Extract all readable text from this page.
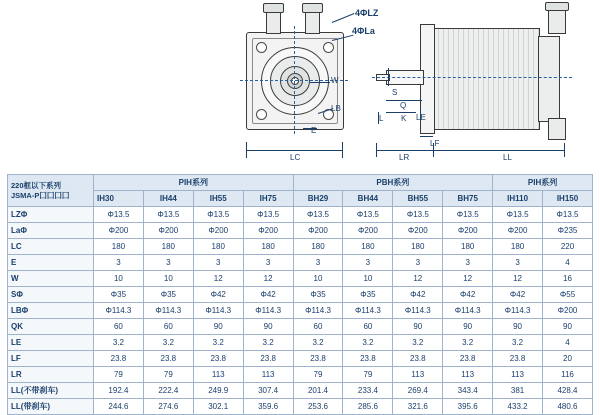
4ΦLZ
4ΦLa
W
E
LB
LC
S
Q
K
L	LE
LF
LR	LL
220框以下系列
JSMA-P囗囗囗囗	PIH系列				PBH系列				PIH系列	
	IH30	IH44	IH55	IH75	BH29	BH44	BH55	BH75	IH110	IH150
LZΦ	Φ13.5	Φ13.5	Φ13.5	Φ13.5	Φ13.5	Φ13.5	Φ13.5	Φ13.5	Φ13.5	Φ13.5
LaΦ	Φ200	Φ200	Φ200	Φ200	Φ200	Φ200	Φ200	Φ200	Φ200	Φ235
LC	180	180	180	180	180	180	180	180	180	220
E	3	3	3	3	3	3	3	3	3	4
W	10	10	12	12	10	10	12	12	12	16
SΦ	Φ35	Φ35	Φ42	Φ42	Φ35	Φ35	Φ42	Φ42	Φ42	Φ55
LBΦ	Φ114.3	Φ114.3	Φ114.3	Φ114.3	Φ114.3	Φ114.3	Φ114.3	Φ114.3	Φ114.3	Φ200
QK	60	60	90	90	60	60	90	90	90	90
LE	3.2	3.2	3.2	3.2	3.2	3.2	3.2	3.2	3.2	4
LF	23.8	23.8	23.8	23.8	23.8	23.8	23.8	23.8	23.8	20
LR	79	79	113	113	79	79	113	113	113	116
LL(不带刹车)	192.4	222.4	249.9	307.4	201.4	233.4	269.4	343.4	381	428.4
LL(带刹车)	244.6	274.6	302.1	359.6	253.6	285.6	321.6	395.6	433.2	480.6
